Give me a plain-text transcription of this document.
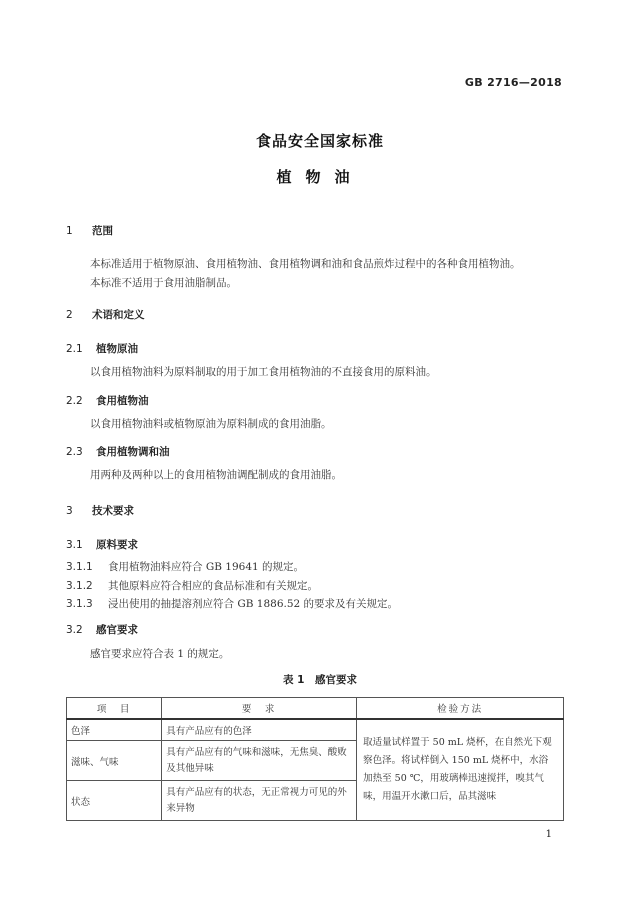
GB 2716—2018
食品安全国家标准
植物油
1 范围
本标准适用于植物原油、食用植物油、食用植物调和油和食品煎炸过程中的各种食用植物油。
本标准不适用于食用油脂制品。
2 术语和定义
2.1 植物原油
以食用植物油料为原料制取的用于加工食用植物油的不直接食用的原料油。
2.2 食用植物油
以食用植物油料或植物原油为原料制成的食用油脂。
2.3 食用植物调和油
用两种及两种以上的食用植物油调配制成的食用油脂。
3 技术要求
3.1 原料要求
3.1.1 食用植物油料应符合 GB 19641 的规定。
3.1.2 其他原料应符合相应的食品标准和有关规定。
3.1.3 浸出使用的抽提溶剂应符合 GB 1886.52 的要求及有关规定。
3.2 感官要求
感官要求应符合表 1 的规定。
表 1　感官要求
项　目	要　求	检验方法
色泽	具有产品应有的色泽	取适量试样置于 50 mL 烧杯，在自然光下观察色泽。将试样倒入 150 mL 烧杯中，水浴加热至 50 ℃，用玻璃棒迅速搅拌，嗅其气味，用温开水漱口后，品其滋味
滋味、气味	具有产品应有的气味和滋味，无焦臭、酸败及其他异味	
状态	具有产品应有的状态，无正常视力可见的外来异物	
1
